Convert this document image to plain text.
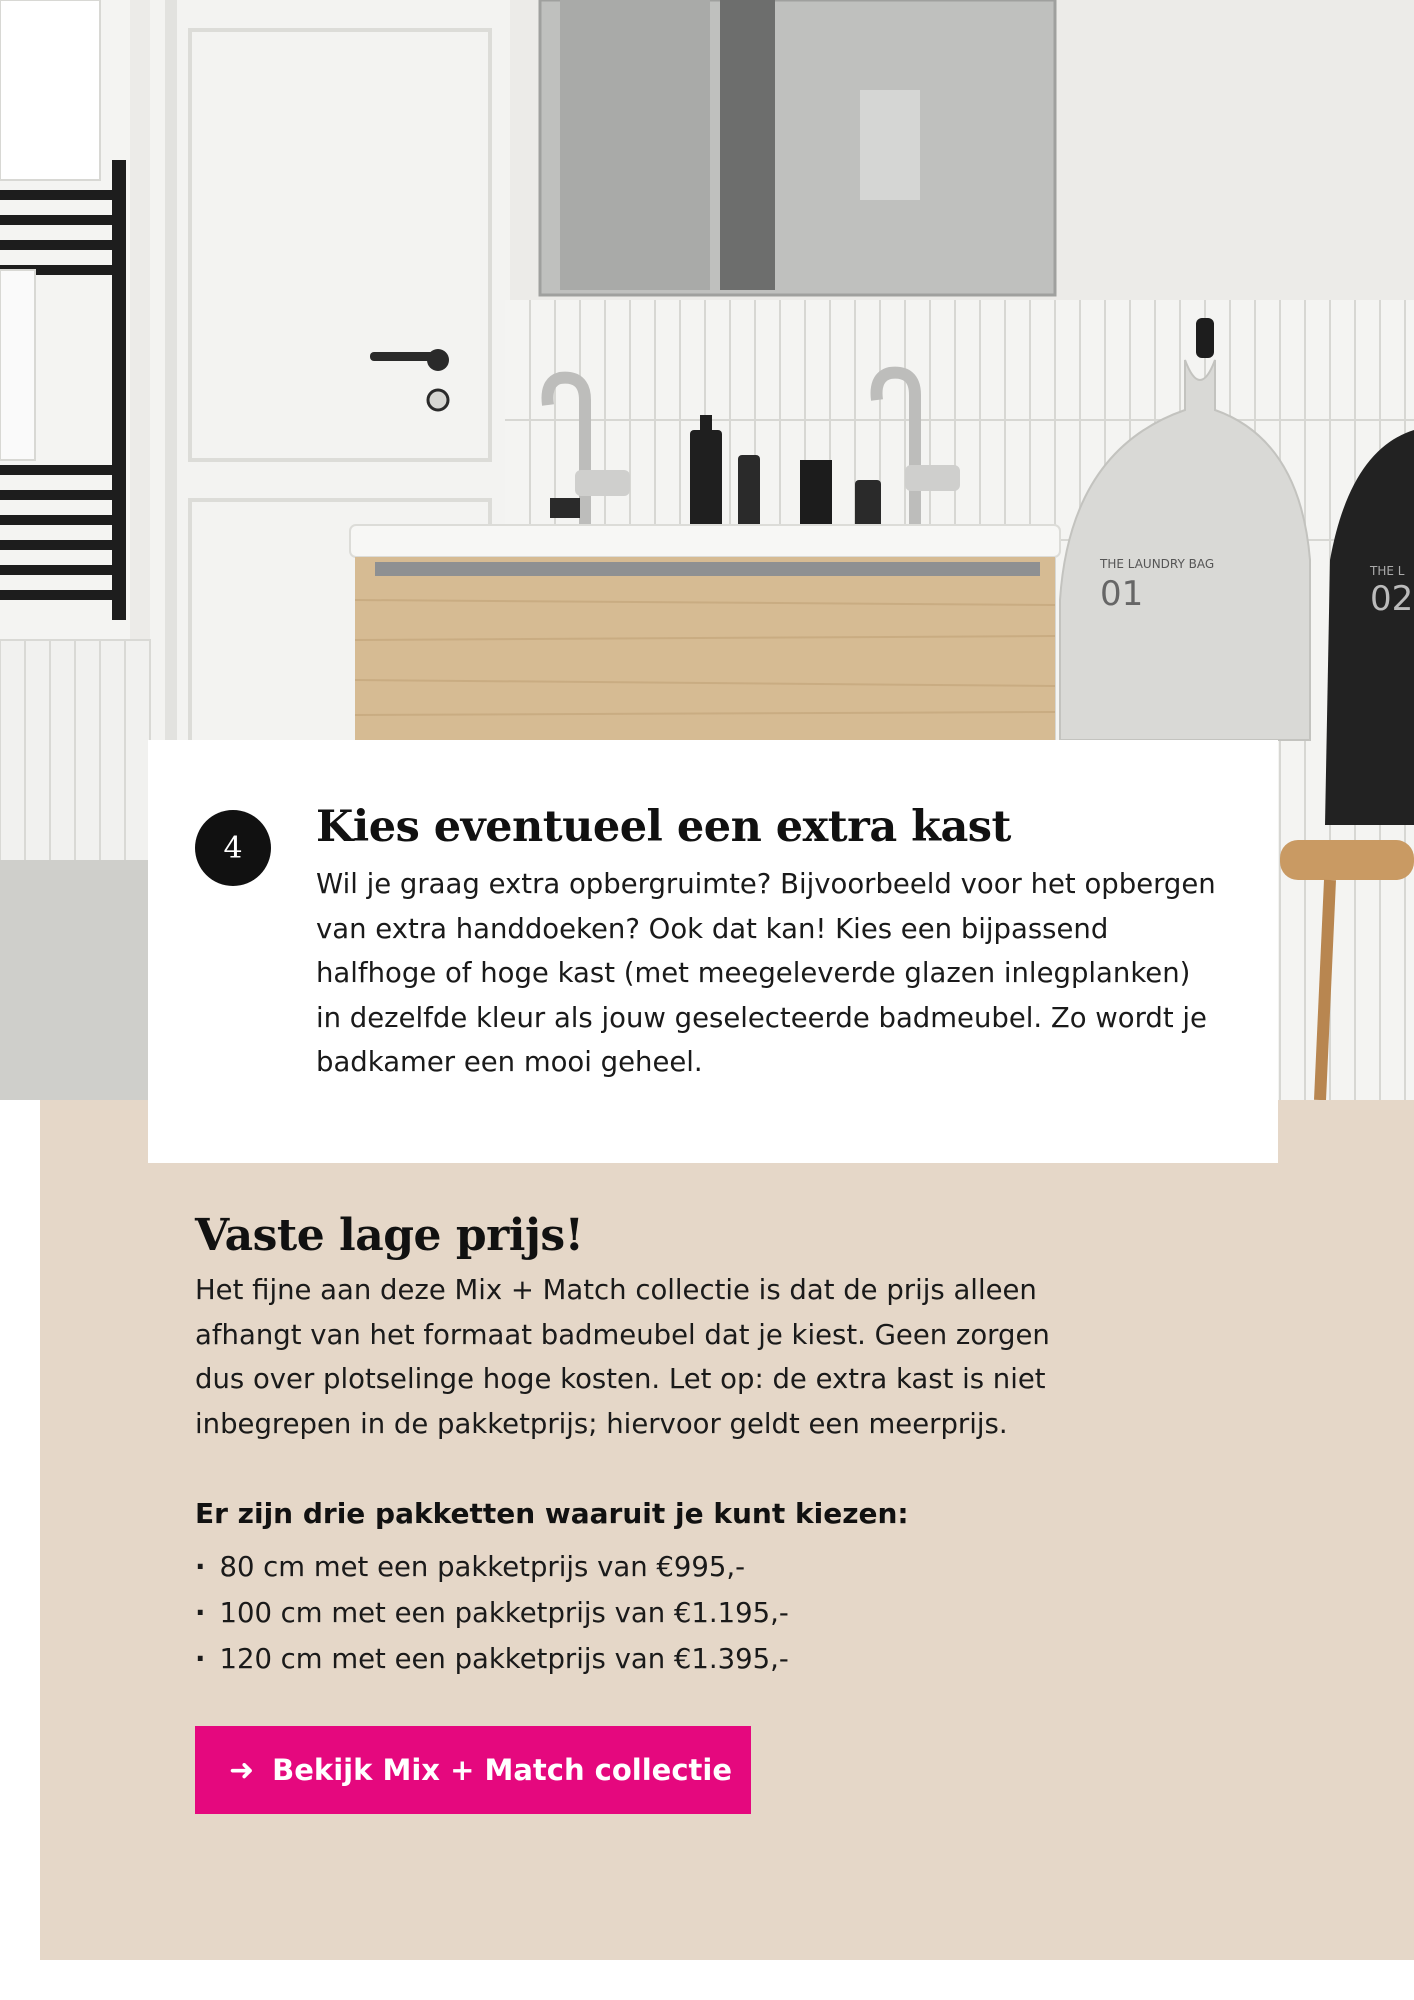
THE LAUNDRY BAG
01
THE L
02
4	Kies eventueel een extra kast

Wil je graag extra opbergruimte? Bijvoorbeeld voor het opbergen van extra handdoeken? Ook dat kan! Kies een bijpassend halfhoge of hoge kast (met meegeleverde glazen inlegplanken) in dezelfde kleur als jouw geselecteerde badmeubel. Zo wordt je badkamer een mooi geheel.

Vaste lage prijs!

Het fijne aan deze Mix + Match collectie is dat de prijs alleen afhangt van het formaat badmeubel dat je kiest. Geen zorgen dus over plotselinge hoge kosten. Let op: de extra kast is niet inbegrepen in de pakketprijs; hiervoor geldt een meerprijs.

Er zijn drie pakketten waaruit je kunt kiezen:

· 80 cm met een pakketprijs van €995,-
· 100 cm met een pakketprijs van €1.195,-
· 120 cm met een pakketprijs van €1.395,-
➜ Bekijk Mix + Match collectie
